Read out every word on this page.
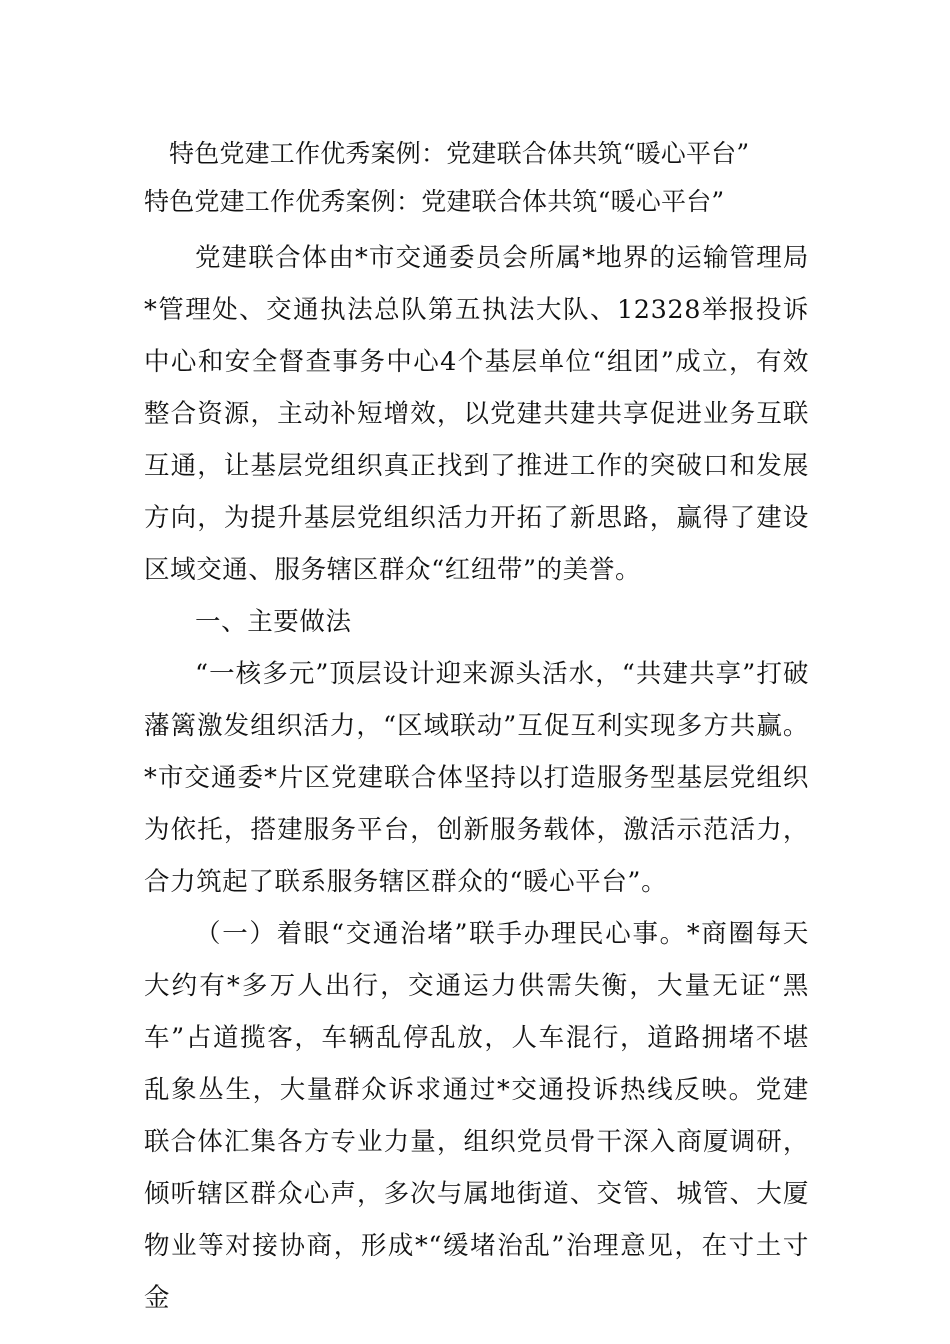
特色党建工作优秀案例：党建联合体共筑“暖心平台”
特色党建工作优秀案例：党建联合体共筑“暖心平台”

党建联合体由*市交通委员会所属*地界的运输管理局*管理处、交通执法总队第五执法大队、12328举报投诉中心和安全督查事务中心4个基层单位“组团”成立，有效整合资源，主动补短增效，以党建共建共享促进业务互联互通，让基层党组织真正找到了推进工作的突破口和发展方向，为提升基层党组织活力开拓了新思路，赢得了建设区域交通、服务辖区群众“红纽带”的美誉。

一、主要做法

“一核多元”顶层设计迎来源头活水，“共建共享”打破藩篱激发组织活力，“区域联动”互促互利实现多方共赢。*市交通委*片区党建联合体坚持以打造服务型基层党组织为依托，搭建服务平台，创新服务载体，激活示范活力，合力筑起了联系服务辖区群众的“暖心平台”。

（一）着眼“交通治堵”联手办理民心事。*商圈每天大约有*多万人出行，交通运力供需失衡，大量无证“黑车”占道揽客，车辆乱停乱放，人车混行，道路拥堵不堪乱象丛生，大量群众诉求通过*交通投诉热线反映。党建联合体汇集各方专业力量，组织党员骨干深入商厦调研，倾听辖区群众心声，多次与属地街道、交管、城管、大厦物业等对接协商，形成*“缓堵治乱”治理意见，在寸土寸金
